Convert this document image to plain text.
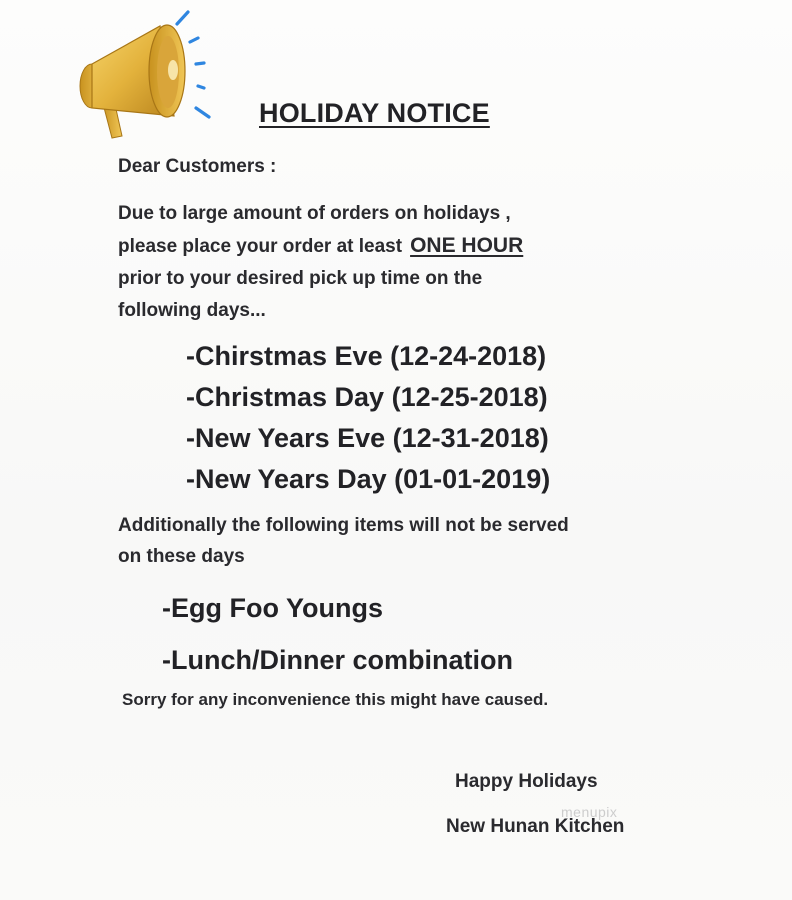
HOLIDAY NOTICE
Dear Customers :
Due to large amount of orders on holidays ,
please place your order at least ONE HOUR
prior to your desired pick up time on the
following days...
-Chirstmas Eve (12-24-2018)
-Christmas Day (12-25-2018)
-New Years Eve (12-31-2018)
-New Years Day (01-01-2019)
Additionally the following items will not be served
on these days
-Egg Foo Youngs
-Lunch/Dinner combination
Sorry for any inconvenience this might have caused.
Happy Holidays
menupix
New Hunan Kitchen
